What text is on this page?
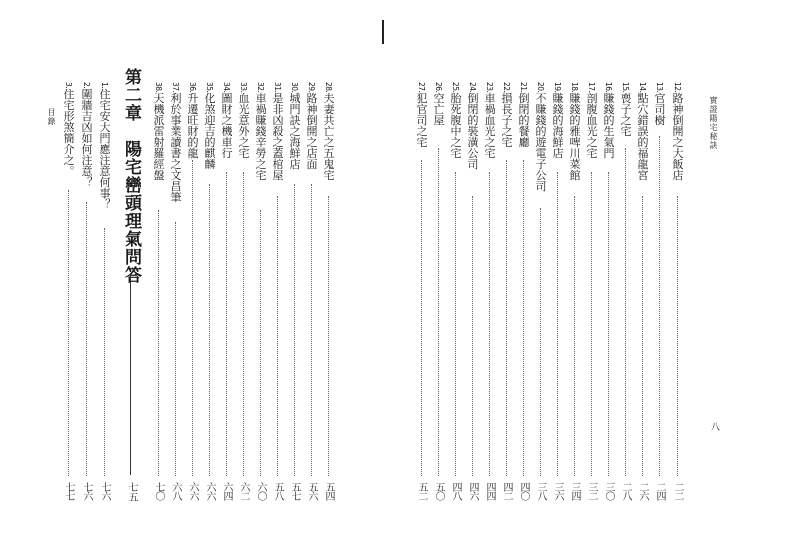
目錄
1.住宅安大門應注意何事？
七六
2.圍牆吉凶如何注意？
七六
3.住宅形煞簡介之。
七七
第二章　陽宅巒頭理氣問答
七五
28.夫妻共亡之五鬼宅
五四
29.路神倒開之店面
五六
30.城門訣之海鮮店
五七
31.是非凶殺之蓋棺屋
五八
32.車禍賺錢辛勞之宅
六〇
33.血光意外之宅
六二
34.圖財之機車行
六四
35.化煞迎吉的麒麟
六六
36.升遷旺財的龍
六六
37.利於事業讀書之文昌筆
六八
38.天機派雷射羅經盤
七〇
實證陽宅秘訣
八
12.路神倒開之大飯店
二二
13.官司樹
二四
14.點穴錯誤的福龍宮
二六
15.喪子之宅
二八
16.賺錢的生氣門
三〇
17.剖腹血光之宅
三二
18.賺錢的雅啤川菜館
三四
19.賺錢的海鮮店
三六
20.不賺錢的遊電子公司
三八
21.倒閉的餐廳
四〇
22.損長子之宅
四二
23.車禍血光之宅
四四
24.倒閉的裝潢公司
四六
25.胎死腹中之宅
四八
26.空亡屋
五〇
27.犯官司之宅
五二
